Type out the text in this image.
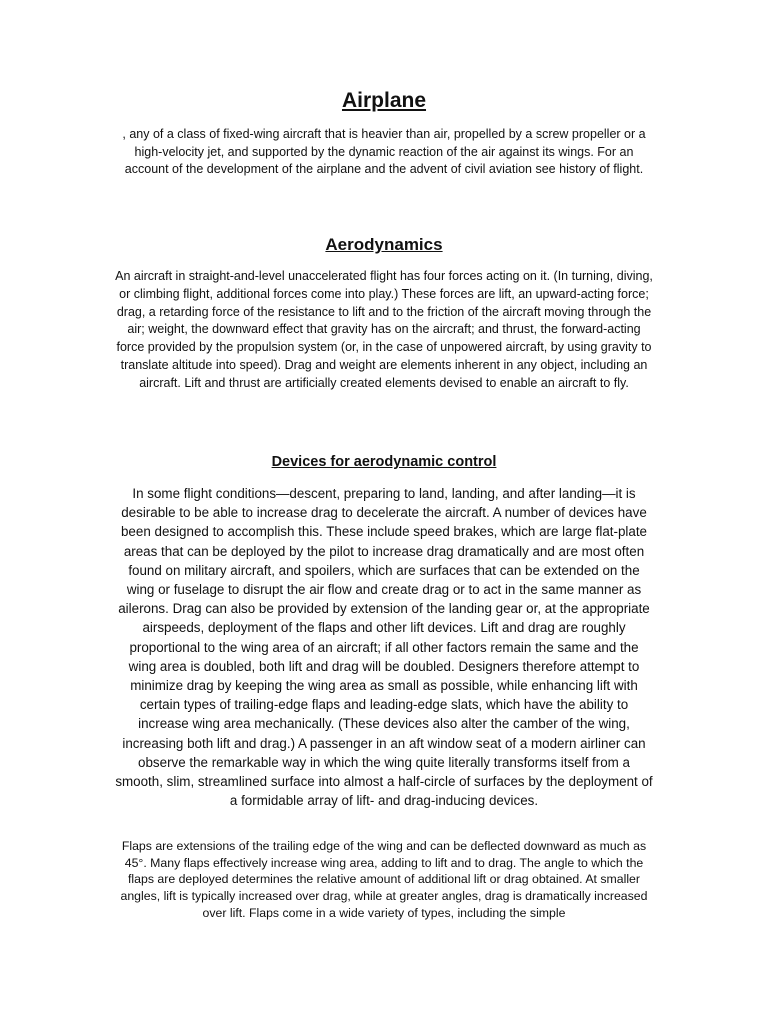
Airplane

, any of a class of fixed-wing aircraft that is heavier than air, propelled by a screw propeller or a high-velocity jet, and supported by the dynamic reaction of the air against its wings. For an account of the development of the airplane and the advent of civil aviation see history of flight.

Aerodynamics

An aircraft in straight-and-level unaccelerated flight has four forces acting on it. (In turning, diving, or climbing flight, additional forces come into play.) These forces are lift, an upward-acting force; drag, a retarding force of the resistance to lift and to the friction of the aircraft moving through the air; weight, the downward effect that gravity has on the aircraft; and thrust, the forward-acting force provided by the propulsion system (or, in the case of unpowered aircraft, by using gravity to translate altitude into speed). Drag and weight are elements inherent in any object, including an aircraft. Lift and thrust are artificially created elements devised to enable an aircraft to fly.

Devices for aerodynamic control

In some flight conditions—descent, preparing to land, landing, and after landing—it is desirable to be able to increase drag to decelerate the aircraft. A number of devices have been designed to accomplish this. These include speed brakes, which are large flat-plate areas that can be deployed by the pilot to increase drag dramatically and are most often found on military aircraft, and spoilers, which are surfaces that can be extended on the wing or fuselage to disrupt the air flow and create drag or to act in the same manner as ailerons. Drag can also be provided by extension of the landing gear or, at the appropriate airspeeds, deployment of the flaps and other lift devices. Lift and drag are roughly proportional to the wing area of an aircraft; if all other factors remain the same and the wing area is doubled, both lift and drag will be doubled. Designers therefore attempt to minimize drag by keeping the wing area as small as possible, while enhancing lift with certain types of trailing-edge flaps and leading-edge slats, which have the ability to increase wing area mechanically. (These devices also alter the camber of the wing, increasing both lift and drag.) A passenger in an aft window seat of a modern airliner can observe the remarkable way in which the wing quite literally transforms itself from a smooth, slim, streamlined surface into almost a half-circle of surfaces by the deployment of a formidable array of lift- and drag-inducing devices.

Flaps are extensions of the trailing edge of the wing and can be deflected downward as much as 45°. Many flaps effectively increase wing area, adding to lift and to drag. The angle to which the flaps are deployed determines the relative amount of additional lift or drag obtained. At smaller angles, lift is typically increased over drag, while at greater angles, drag is dramatically increased over lift. Flaps come in a wide variety of types, including the simple
